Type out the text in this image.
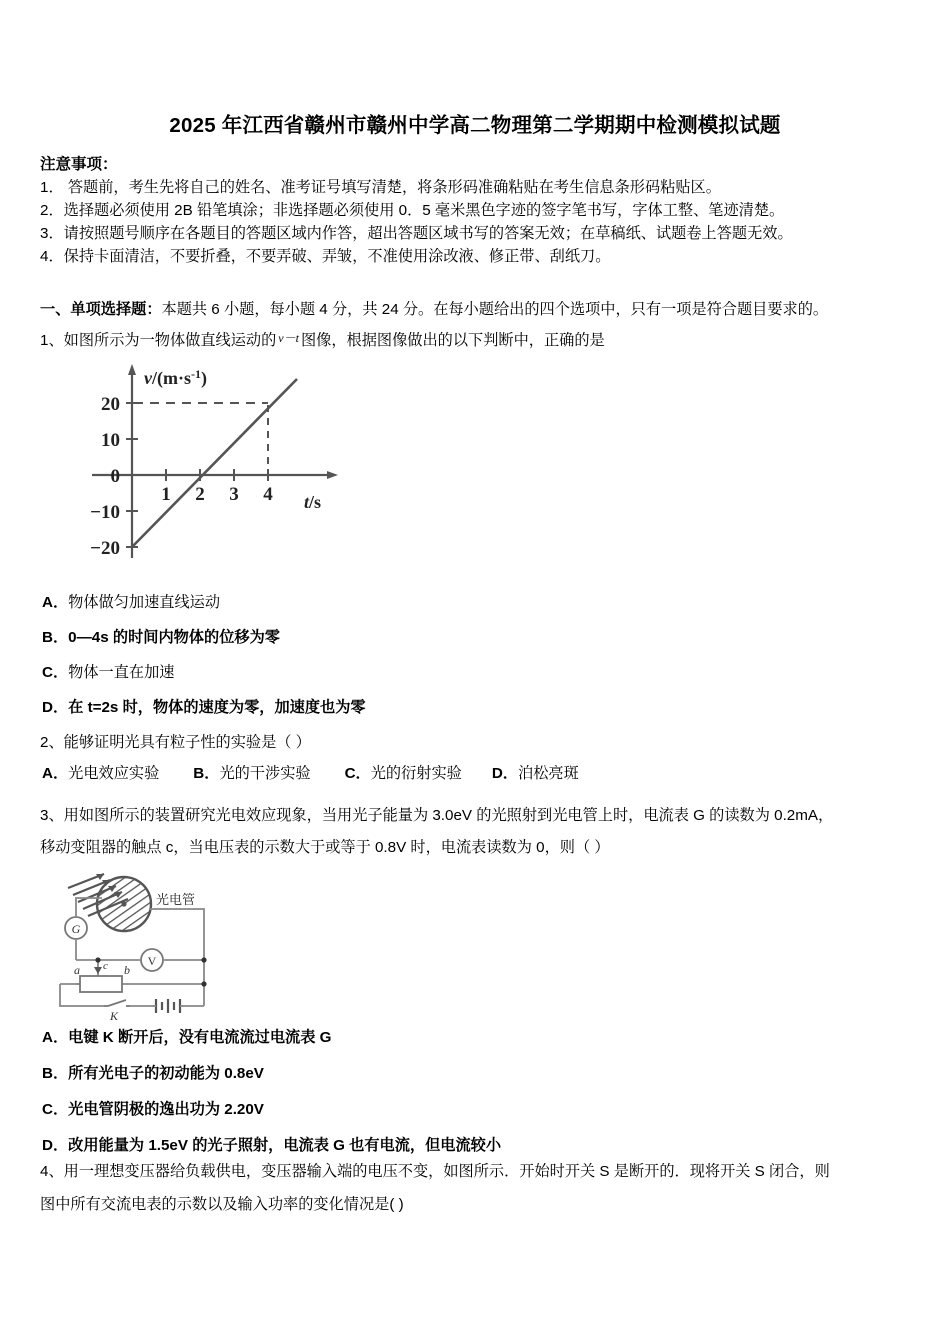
2025 年江西省赣州市赣州中学高二物理第二学期期中检测模拟试题
注意事项：
1． 答题前，考生先将自己的姓名、准考证号填写清楚，将条形码准确粘贴在考生信息条形码粘贴区。
2．选择题必须使用 2B 铅笔填涂；非选择题必须使用 0．5 毫米黑色字迹的签字笔书写，字体工整、笔迹清楚。
3．请按照题号顺序在各题目的答题区域内作答，超出答题区域书写的答案无效；在草稿纸、试题卷上答题无效。
4．保持卡面清洁，不要折叠，不要弄破、弄皱，不准使用涂改液、修正带、刮纸刀。
一、单项选择题：本题共 6 小题，每小题 4 分，共 24 分。在每小题给出的四个选项中，只有一项是符合题目要求的。
1、如图所示为一物体做直线运动的 v－t 图像，根据图像做出的以下判断中，正确的是
20
10
0
−10
−20
1 2 3 4
$v/(m\cdot s^{-1})$
t/s
A．物体做匀加速直线运动
B．0—4s 的时间内物体的位移为零
C．物体一直在加速
D．在 t=2s 时，物体的速度为零，加速度也为零
2、能够证明光具有粒子性的实验是（ ）
A．光电效应实验 B．光的干涉实验 C．光的衍射实验 D．泊松亮斑
3、用如图所示的装置研究光电效应现象，当用光子能量为 3.0eV 的光照射到光电管上时，电流表 G 的读数为 0.2mA，
移动变阻器的触点 c，当电压表的示数大于或等于 0.8V 时，电流表读数为 0，则（ ）
光电管
G
V
a	b
c
K
A．电键 K 断开后，没有电流流过电流表 G
B．所有光电子的初动能为 0.8eV
C．光电管阴极的逸出功为 2.20V
D．改用能量为 1.5eV 的光子照射，电流表 G 也有电流，但电流较小
4、用一理想变压器给负载供电，变压器输入端的电压不变，如图所示．开始时开关 S 是断开的．现将开关 S 闭合，则
图中所有交流电表的示数以及输入功率的变化情况是( )
